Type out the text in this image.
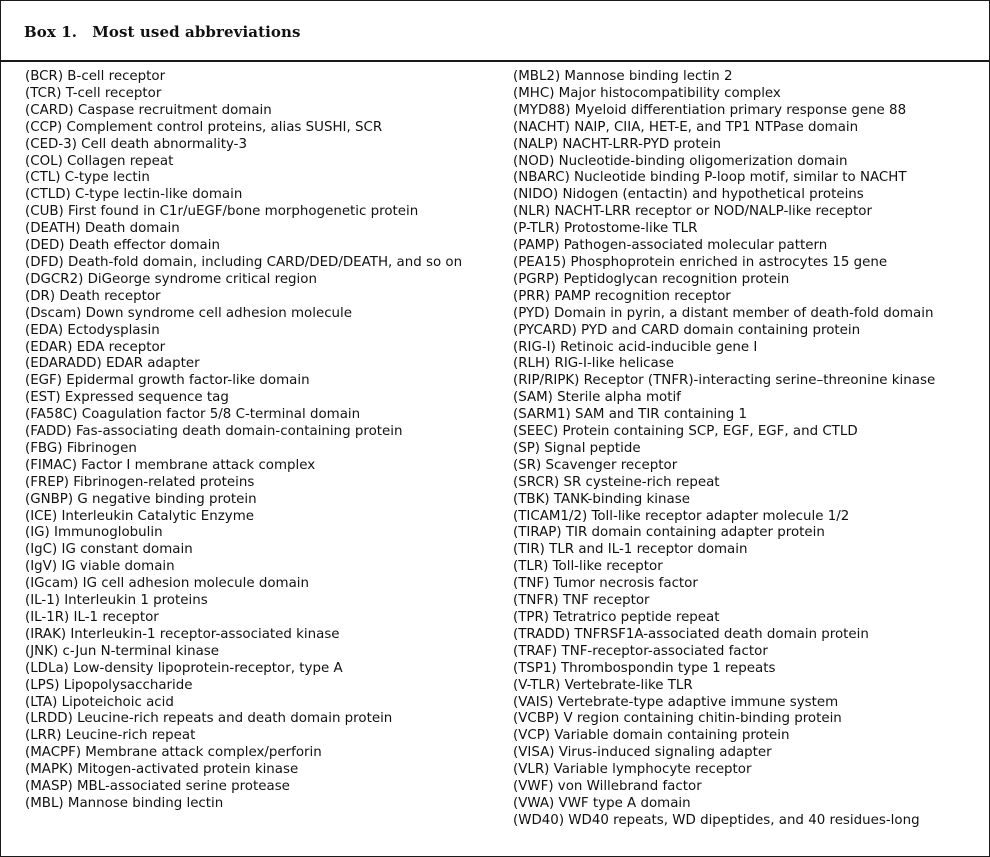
Box 1. Most used abbreviations
(BCR) B-cell receptor
(TCR) T-cell receptor
(CARD) Caspase recruitment domain
(CCP) Complement control proteins, alias SUSHI, SCR
(CED-3) Cell death abnormality-3
(COL) Collagen repeat
(CTL) C-type lectin
(CTLD) C-type lectin-like domain
(CUB) First found in C1r/uEGF/bone morphogenetic protein
(DEATH) Death domain
(DED) Death effector domain
(DFD) Death-fold domain, including CARD/DED/DEATH, and so on
(DGCR2) DiGeorge syndrome critical region
(DR) Death receptor
(Dscam) Down syndrome cell adhesion molecule
(EDA) Ectodysplasin
(EDAR) EDA receptor
(EDARADD) EDAR adapter
(EGF) Epidermal growth factor-like domain
(EST) Expressed sequence tag
(FA58C) Coagulation factor 5/8 C-terminal domain
(FADD) Fas-associating death domain-containing protein
(FBG) Fibrinogen
(FIMAC) Factor I membrane attack complex
(FREP) Fibrinogen-related proteins
(GNBP) G negative binding protein
(ICE) Interleukin Catalytic Enzyme
(IG) Immunoglobulin
(IgC) IG constant domain
(IgV) IG viable domain
(IGcam) IG cell adhesion molecule domain
(IL-1) Interleukin 1 proteins
(IL-1R) IL-1 receptor
(IRAK) Interleukin-1 receptor-associated kinase
(JNK) c-Jun N-terminal kinase
(LDLa) Low-density lipoprotein-receptor, type A
(LPS) Lipopolysaccharide
(LTA) Lipoteichoic acid
(LRDD) Leucine-rich repeats and death domain protein
(LRR) Leucine-rich repeat
(MACPF) Membrane attack complex/perforin
(MAPK) Mitogen-activated protein kinase
(MASP) MBL-associated serine protease
(MBL) Mannose binding lectin
(MBL2) Mannose binding lectin 2
(MHC) Major histocompatibility complex
(MYD88) Myeloid differentiation primary response gene 88
(NACHT) NAIP, CIIA, HET-E, and TP1 NTPase domain
(NALP) NACHT-LRR-PYD protein
(NOD) Nucleotide-binding oligomerization domain
(NBARC) Nucleotide binding P-loop motif, similar to NACHT
(NIDO) Nidogen (entactin) and hypothetical proteins
(NLR) NACHT-LRR receptor or NOD/NALP-like receptor
(P-TLR) Protostome-like TLR
(PAMP) Pathogen-associated molecular pattern
(PEA15) Phosphoprotein enriched in astrocytes 15 gene
(PGRP) Peptidoglycan recognition protein
(PRR) PAMP recognition receptor
(PYD) Domain in pyrin, a distant member of death-fold domain
(PYCARD) PYD and CARD domain containing protein
(RIG-I) Retinoic acid-inducible gene I
(RLH) RIG-I-like helicase
(RIP/RIPK) Receptor (TNFR)-interacting serine–threonine kinase
(SAM) Sterile alpha motif
(SARM1) SAM and TIR containing 1
(SEEC) Protein containing SCP, EGF, EGF, and CTLD
(SP) Signal peptide
(SR) Scavenger receptor
(SRCR) SR cysteine-rich repeat
(TBK) TANK-binding kinase
(TICAM1/2) Toll-like receptor adapter molecule 1/2
(TIRAP) TIR domain containing adapter protein
(TIR) TLR and IL-1 receptor domain
(TLR) Toll-like receptor
(TNF) Tumor necrosis factor
(TNFR) TNF receptor
(TPR) Tetratrico peptide repeat
(TRADD) TNFRSF1A-associated death domain protein
(TRAF) TNF-receptor-associated factor
(TSP1) Thrombospondin type 1 repeats
(V-TLR) Vertebrate-like TLR
(VAIS) Vertebrate-type adaptive immune system
(VCBP) V region containing chitin-binding protein
(VCP) Variable domain containing protein
(VISA) Virus-induced signaling adapter
(VLR) Variable lymphocyte receptor
(VWF) von Willebrand factor
(VWA) VWF type A domain
(WD40) WD40 repeats, WD dipeptides, and 40 residues-long
